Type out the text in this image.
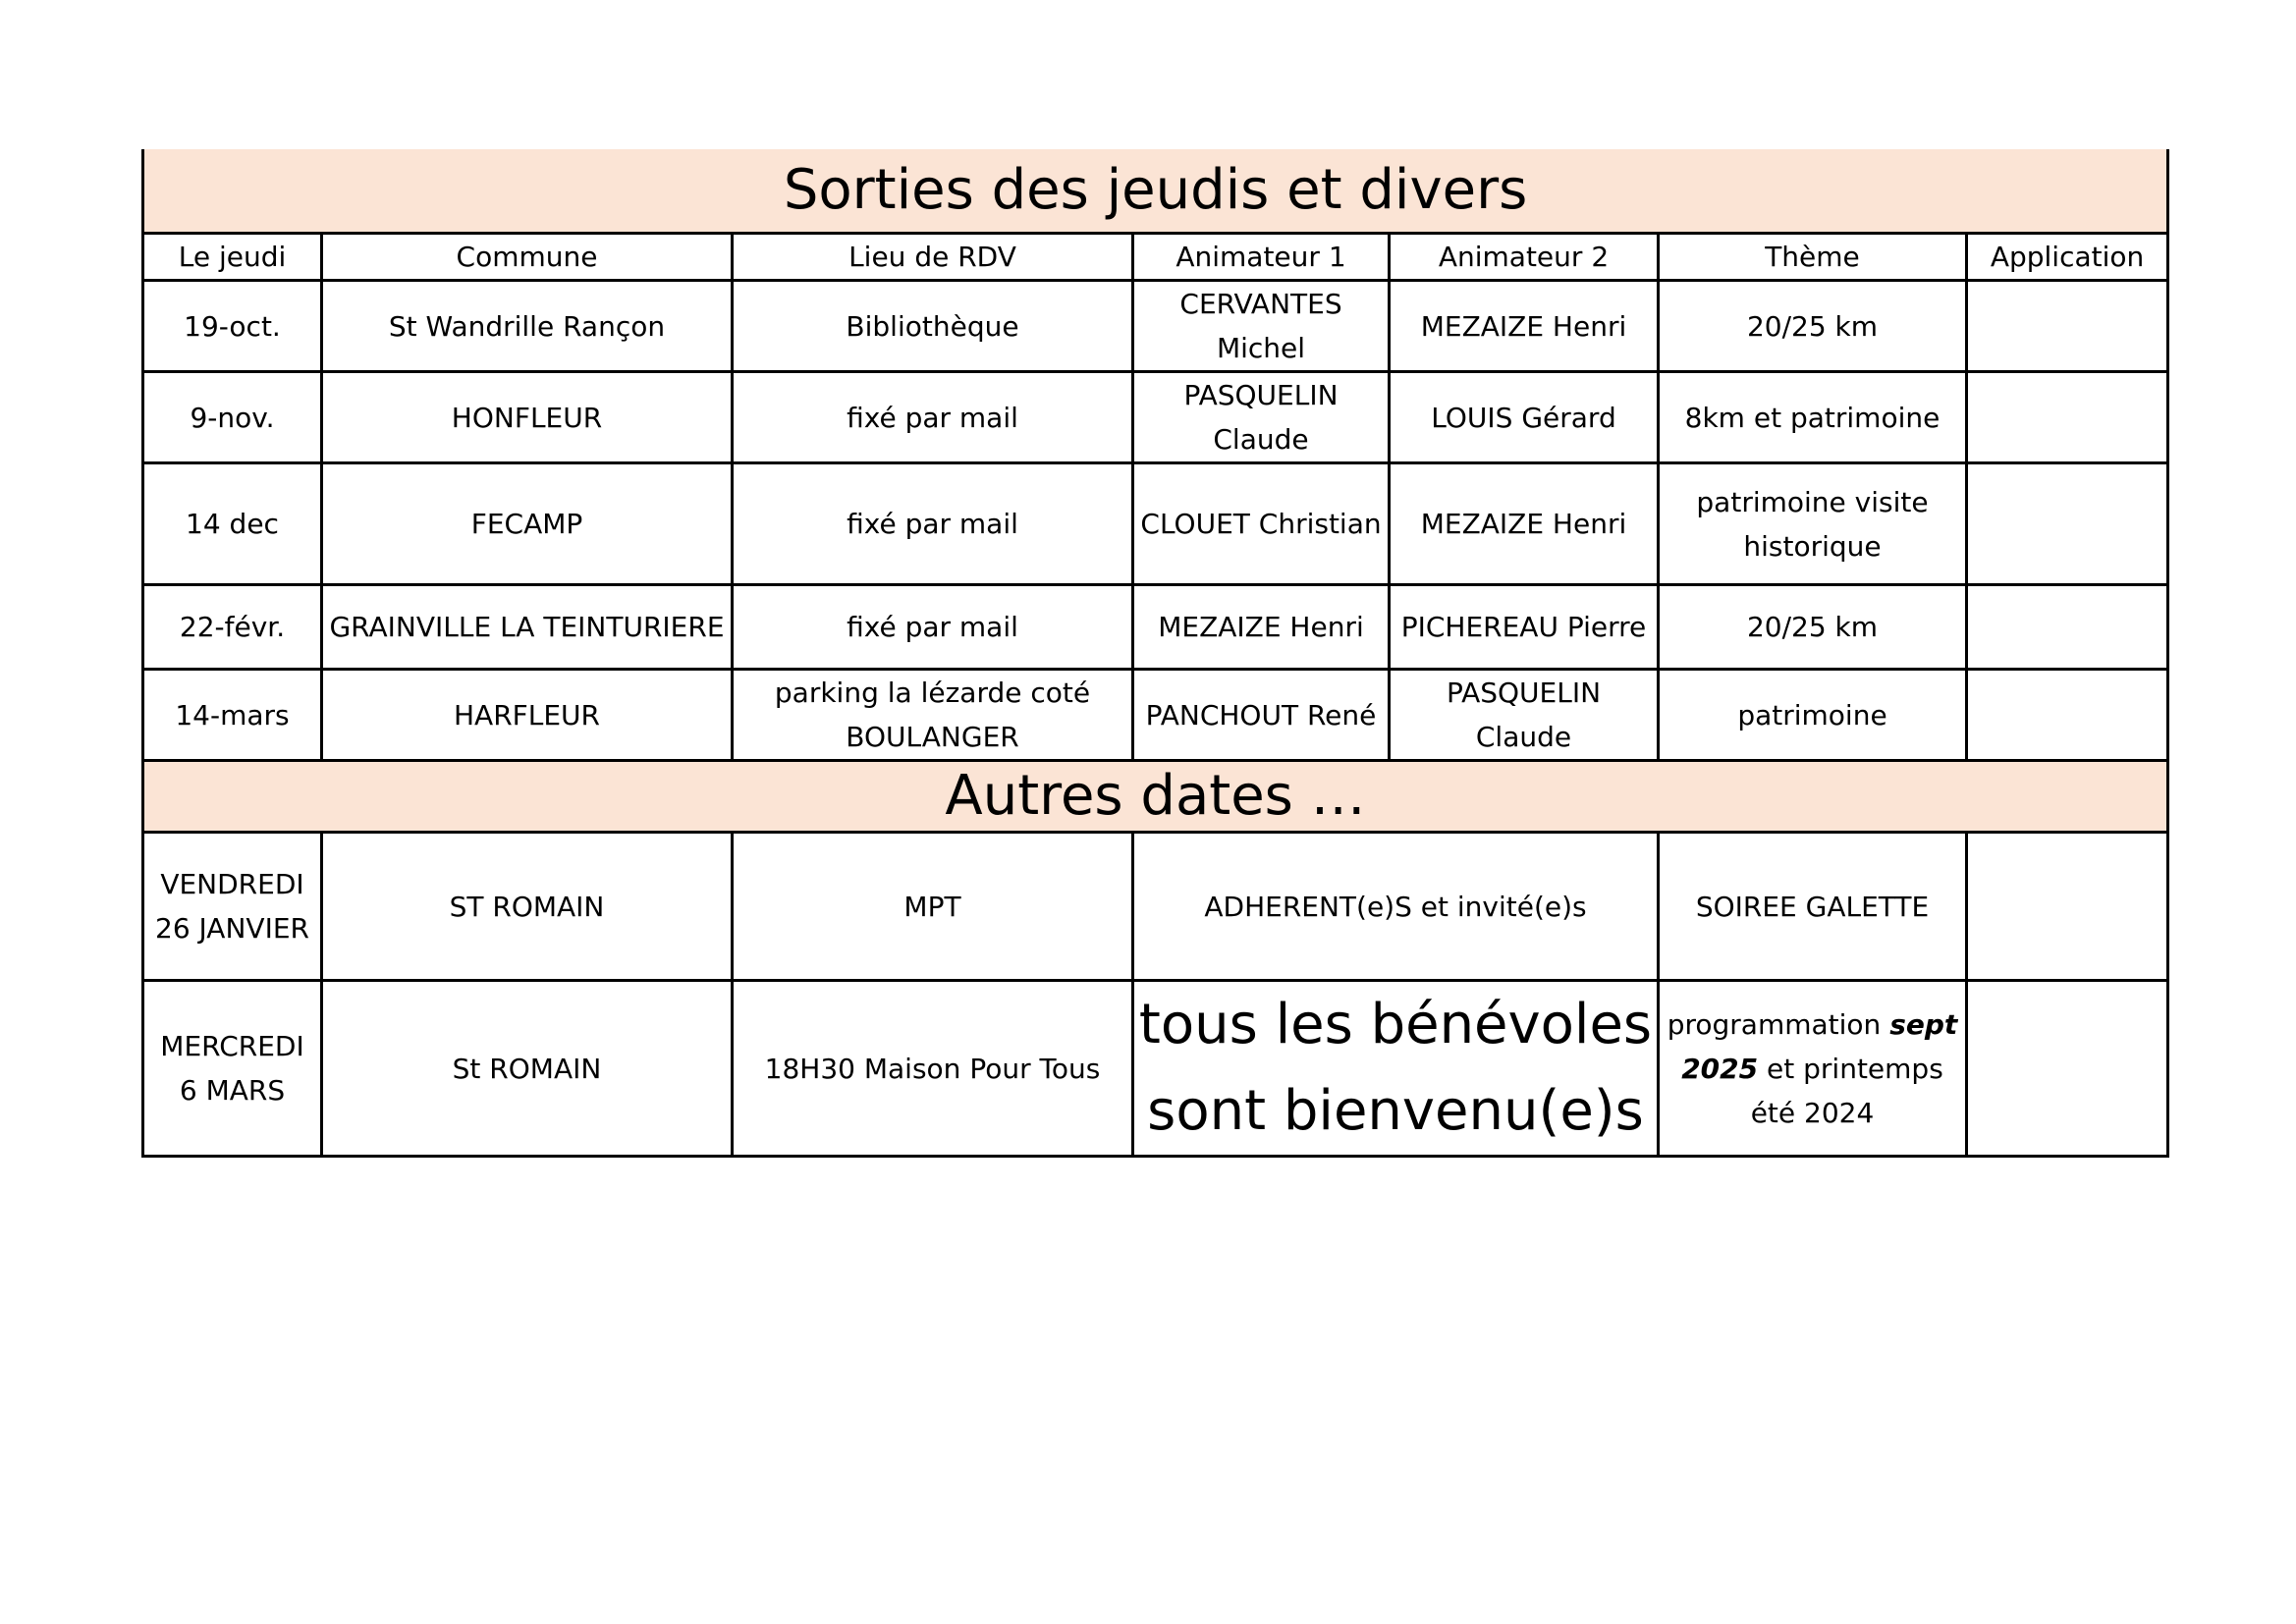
Sorties des jeudis et divers						
Le jeudi	Commune	Lieu de RDV	Animateur 1	Animateur 2	Thème	Application
19-oct.	St Wandrille Rançon	Bibliothèque	CERVANTES Michel	MEZAIZE Henri	20/25 km	
9-nov.	HONFLEUR	fixé par mail	PASQUELIN Claude	LOUIS Gérard	8km et patrimoine	
14 dec	FECAMP	fixé par mail	CLOUET Christian	MEZAIZE Henri	patrimoine visite historique	
22-févr.	GRAINVILLE LA TEINTURIERE	fixé par mail	MEZAIZE Henri	PICHEREAU Pierre	20/25 km	
14-mars	HARFLEUR	parking la lézarde coté BOULANGER	PANCHOUT René	PASQUELIN Claude	patrimoine	
Autres dates …						
VENDREDI 26 JANVIER	ST ROMAIN	MPT	ADHERENT(e)S et invité(e)s		SOIREE GALETTE	
MERCREDI 6 MARS	St ROMAIN	18H30 Maison Pour Tous	tous les bénévoles sont bienvenu(e)s		programmation sept 2025 et printemps été 2024	
